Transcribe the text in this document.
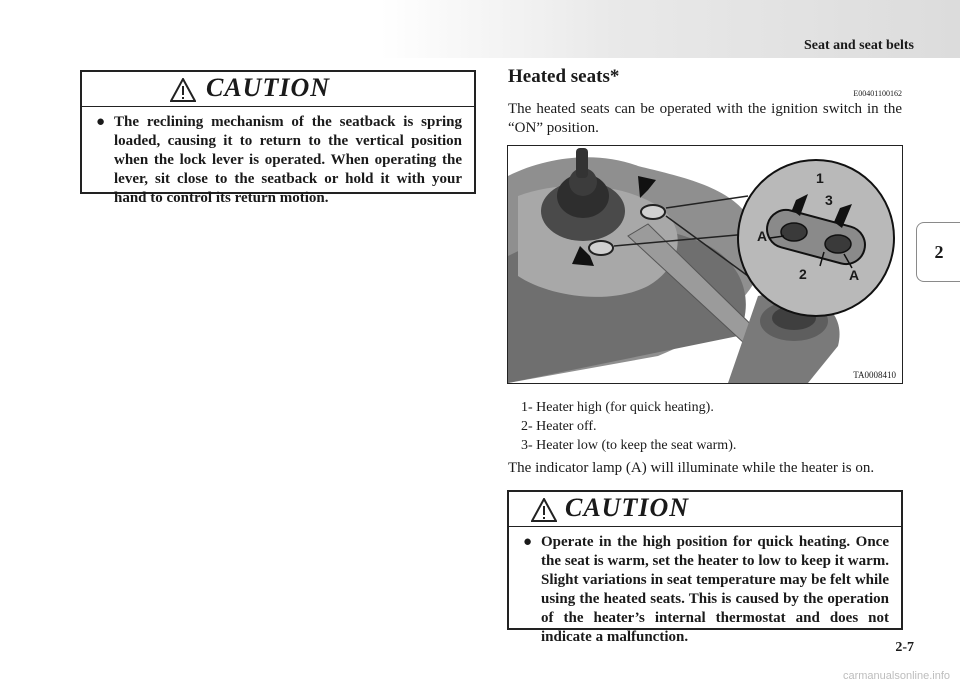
Seat and seat belts
2
CAUTION
● The reclining mechanism of the seatback is spring loaded, causing it to return to the vertical position when the lock lever is operated. When operating the lever, sit close to the seatback or hold it with your hand to control its return motion.
Heated seats*
E00401100162
The heated seats can be operated with the ignition switch in the “ON” position.
1
3
A
2	A
TA0008410
1- Heater high (for quick heating).
2- Heater off.
3- Heater low (to keep the seat warm).
The indicator lamp (A) will illuminate while the heater is on.
CAUTION
● Operate in the high position for quick heating. Once the seat is warm, set the heater to low to keep it warm. Slight variations in seat temperature may be felt while using the heated seats. This is caused by the operation of the heater’s internal thermostat and does not indicate a malfunction.
2-7
carmanualsonline.info
